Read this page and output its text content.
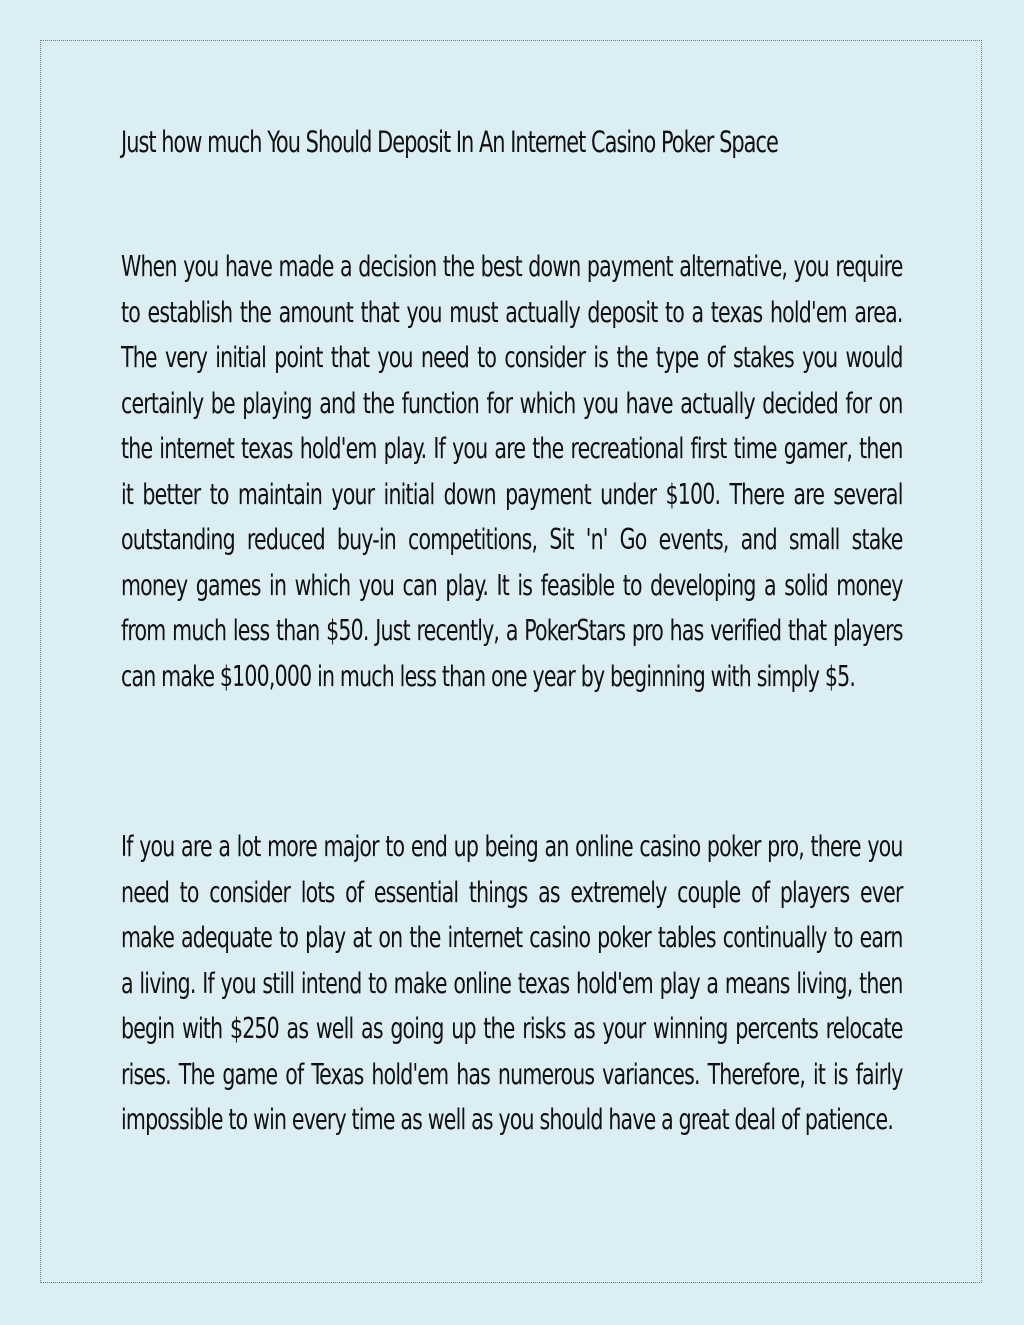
Just how much You Should Deposit In An Internet Casino Poker Space

When you have made a decision the best down payment alternative, you require to establish the amount that you must actually deposit to a texas hold'em area. The very initial point that you need to consider is the type of stakes you would certainly be playing and the function for which you have actually decided for on the internet texas hold'em play. If you are the recreational first time gamer, then it better to maintain your initial down payment under $100. There are several outstanding reduced buy-in competitions, Sit 'n' Go events, and small stake money games in which you can play. It is feasible to developing a solid money from much less than $50. Just recently, a PokerStars pro has verified that players can make $100,000 in much less than one year by beginning with simply $5.

If you are a lot more major to end up being an online casino poker pro, there you need to consider lots of essential things as extremely couple of players ever make adequate to play at on the internet casino poker tables continually to earn a living. If you still intend to make online texas hold'em play a means living, then begin with $250 as well as going up the risks as your winning percents relocate rises. The game of Texas hold'em has numerous variances. Therefore, it is fairly impossible to win every time as well as you should have a great deal of patience.
